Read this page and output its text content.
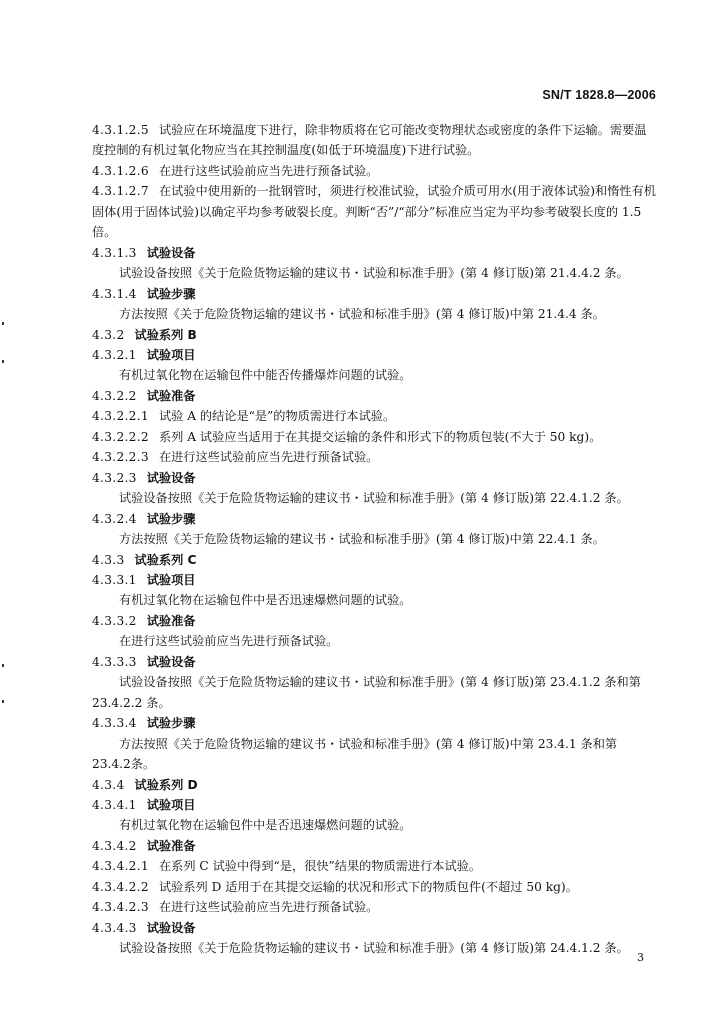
SN/T 1828.8—2006
4.3.1.2.5 试验应在环境温度下进行，除非物质将在它可能改变物理状态或密度的条件下运输。需要温度控制的有机过氧化物应当在其控制温度(如低于环境温度)下进行试验。
4.3.1.2.6 在进行这些试验前应当先进行预备试验。
4.3.1.2.7 在试验中使用新的一批钢管时，须进行校准试验，试验介质可用水(用于液体试验)和惰性有机固体(用于固体试验)以确定平均参考破裂长度。判断“否”/“部分”标准应当定为平均参考破裂长度的 1.5 倍。
4.3.1.3 试验设备
试验设备按照《关于危险货物运输的建议书・试验和标准手册》(第 4 修订版)第 21.4.4.2 条。
4.3.1.4 试验步骤
方法按照《关于危险货物运输的建议书・试验和标准手册》(第 4 修订版)中第 21.4.4 条。
4.3.2 试验系列 B
4.3.2.1 试验项目
有机过氧化物在运输包件中能否传播爆炸问题的试验。
4.3.2.2 试验准备
4.3.2.2.1 试验 A 的结论是“是”的物质需进行本试验。
4.3.2.2.2 系列 A 试验应当适用于在其提交运输的条件和形式下的物质包装(不大于 50 kg)。
4.3.2.2.3 在进行这些试验前应当先进行预备试验。
4.3.2.3 试验设备
试验设备按照《关于危险货物运输的建议书・试验和标准手册》(第 4 修订版)第 22.4.1.2 条。
4.3.2.4 试验步骤
方法按照《关于危险货物运输的建议书・试验和标准手册》(第 4 修订版)中第 22.4.1 条。
4.3.3 试验系列 C
4.3.3.1 试验项目
有机过氧化物在运输包件中是否迅速爆燃问题的试验。
4.3.3.2 试验准备
在进行这些试验前应当先进行预备试验。
4.3.3.3 试验设备
试验设备按照《关于危险货物运输的建议书・试验和标准手册》(第 4 修订版)第 23.4.1.2 条和第
23.4.2.2 条。
4.3.3.4 试验步骤
方法按照《关于危险货物运输的建议书・试验和标准手册》(第 4 修订版)中第 23.4.1 条和第
23.4.2条。
4.3.4 试验系列 D
4.3.4.1 试验项目
有机过氧化物在运输包件中是否迅速爆燃问题的试验。
4.3.4.2 试验准备
4.3.4.2.1 在系列 C 试验中得到“是，很快”结果的物质需进行本试验。
4.3.4.2.2 试验系列 D 适用于在其提交运输的状况和形式下的物质包件(不超过 50 kg)。
4.3.4.2.3 在进行这些试验前应当先进行预备试验。
4.3.4.3 试验设备
试验设备按照《关于危险货物运输的建议书・试验和标准手册》(第 4 修订版)第 24.4.1.2 条。
3
